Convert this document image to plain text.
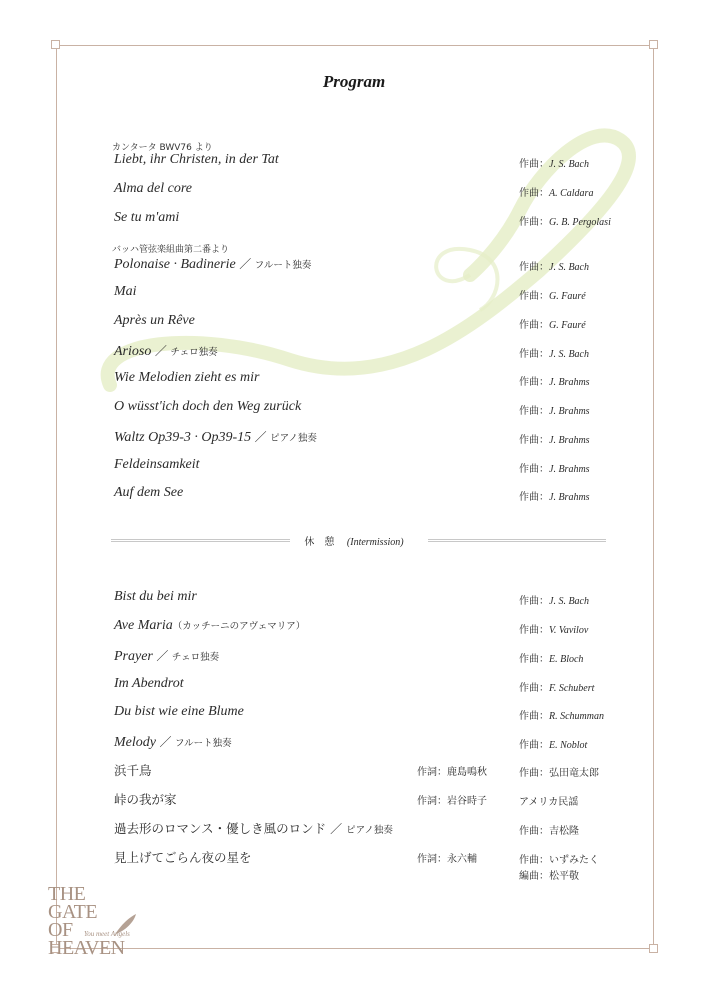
Program
カンタータ BWV76 より
バッハ管弦楽組曲第二番より
Liebt, ihr Christen, in der Tat	作曲：J. S. Bach
Alma del core	作曲：A. Caldara
Se tu m'ami	作曲：G. B. Pergolasi
Polonaise · Badinerie ／ フルート独奏	作曲：J. S. Bach
Mai	作曲：G. Fauré
Après un Rêve	作曲：G. Fauré
Arioso ／ チェロ独奏	作曲：J. S. Bach
Wie Melodien zieht es mir	作曲：J. Brahms
O wüsst'ich doch den Weg zurück	作曲：J. Brahms
Waltz Op39-3 · Op39-15 ／ ピアノ独奏	作曲：J. Brahms
Feldeinsamkeit	作曲：J. Brahms
Auf dem See	作曲：J. Brahms
休憩 (Intermission)
Bist du bei mir	作曲：J. S. Bach
Ave Maria（カッチーニのアヴェマリア）	作曲：V. Vavilov
Prayer ／ チェロ独奏	作曲：E. Bloch
Im Abendrot	作曲：F. Schubert
Du bist wie eine Blume	作曲：R. Schumman
Melody ／ フルート独奏	作曲：E. Noblot
浜千鳥	作詞：鹿島鳴秋	作曲：弘田竜太郎
峠の我が家	作詞：岩谷時子	アメリカ民謡
過去形のロマンス・優しき風のロンド ／ ピアノ独奏	作曲：吉松隆
見上げてごらん夜の星を	作詞：永六輔	作曲：いずみたく
編曲：松平敬
THE
GATE
OF
HEAVEN
You meet Angels
